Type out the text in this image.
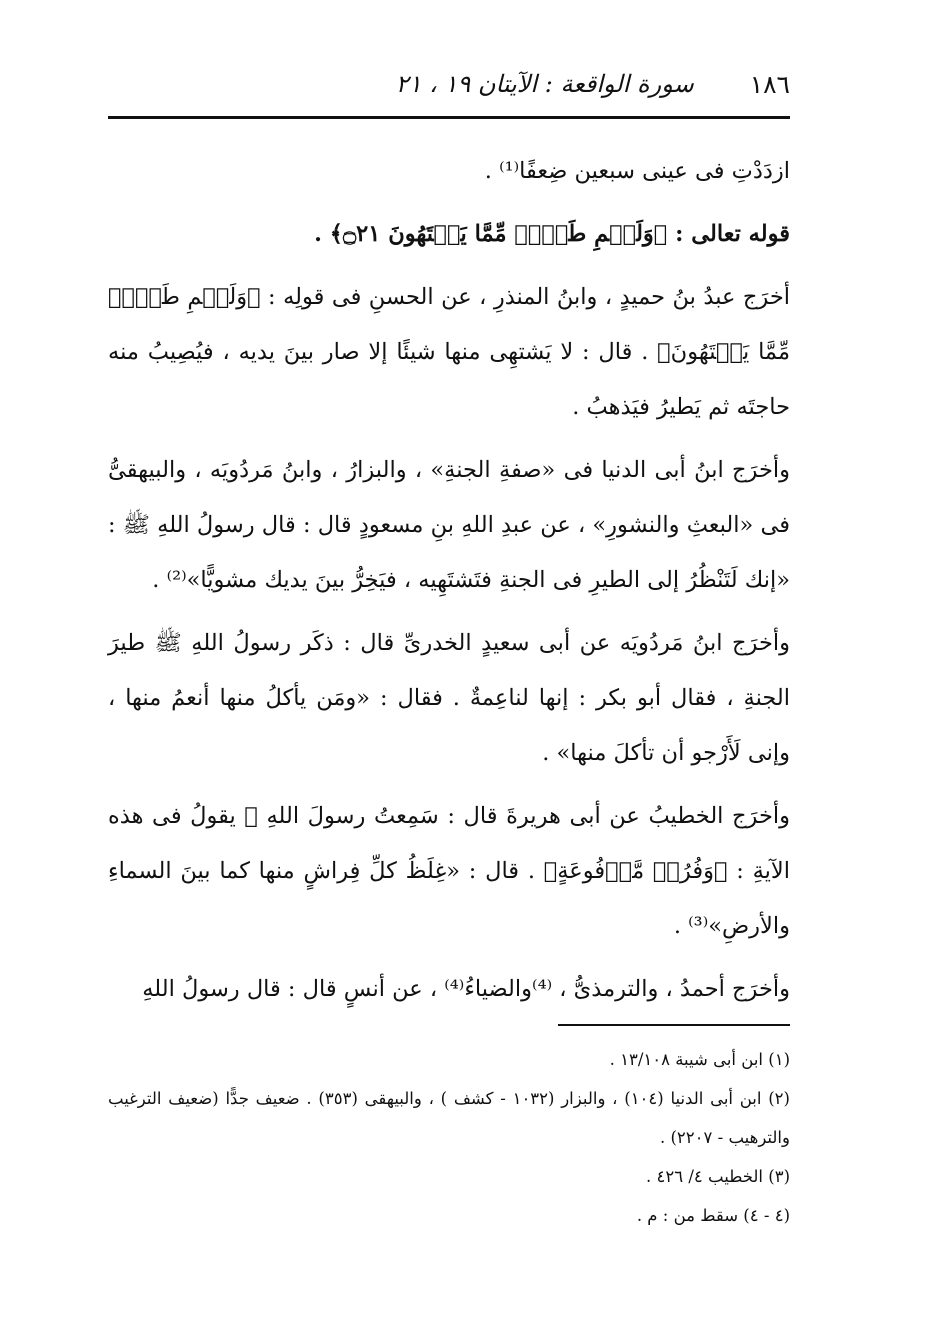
١٨٦
سورة الواقعة : الآيتان ١٩ ، ٢١

ازدَدْتِ فى عينى سبعين ضِعفًا⁽¹⁾ .

قوله تعالى : ﴿وَلَحۡمِ طَيۡرٖ مِّمَّا يَشۡتَهُونَ ۝٢١﴾ .

أخرَج عبدُ بنُ حميدٍ ، وابنُ المنذرِ ، عن الحسنِ فى قولِه : ﴿وَلَحۡمِ طَيۡرٖ مِّمَّا يَشۡتَهُونَ﴾ . قال : لا يَشتهِى منها شيئًا إلا صار بينَ يديه ، فيُصِيبُ منه حاجتَه ثم يَطيرُ فيَذهبُ .

وأخرَج ابنُ أبى الدنيا فى «صفةِ الجنةِ» ، والبزارُ ، وابنُ مَردُويَه ، والبيهقىُّ فى «البعثِ والنشورِ» ، عن عبدِ اللهِ بنِ مسعودٍ قال : قال رسولُ اللهِ ﷺ : «إنك لَتَنْظُرُ إلى الطيرِ فى الجنةِ فتَشتَهِيه ، فيَخِرُّ بينَ يديك مشويًّا»⁽²⁾ .

وأخرَج ابنُ مَردُويَه عن أبى سعيدٍ الخدرىِّ قال : ذكَر رسولُ اللهِ ﷺ طيرَ الجنةِ ، فقال أبو بكر : إنها لناعِمةٌ . فقال : «ومَن يأكلُ منها أنعمُ منها ، وإنى لَأَرْجو أن تأكلَ منها» .

وأخرَج الخطيبُ عن أبى هريرةَ قال : سَمِعتُ رسولَ اللهِ ﷺ يقولُ فى هذه الآيةِ : ﴿وَفُرُشٖ مَّرۡفُوعَةٍ﴾ . قال : «غِلَظُ كلِّ فِراشٍ منها كما بينَ السماءِ والأرضِ»⁽³⁾ .

وأخرَج أحمدُ ، والترمذىُّ ، ⁽⁴⁾والضياءُ⁽⁴⁾ ، عن أنسٍ قال : قال رسولُ اللهِ

(١) ابن أبى شيبة ١٣/١٠٨ .

(٢) ابن أبى الدنيا (١٠٤) ، والبزار (١٠٣٢ - كشف ) ، والبيهقى (٣٥٣) . ضعيف جدًّا (ضعيف الترغيب والترهيب - ٢٢٠٧) .

(٣) الخطيب ٤/ ٤٢٦ .

(٤ - ٤) سقط من : م .
